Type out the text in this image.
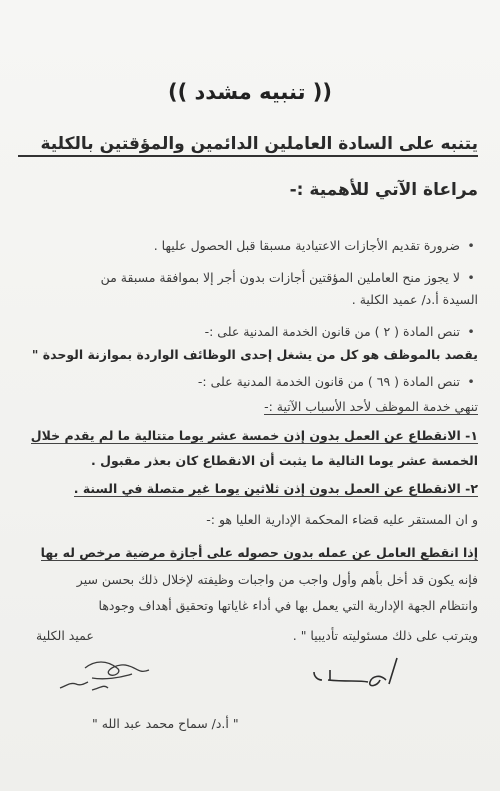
(( تنبيه مشدد ))
يتنبه على السادة العاملين الدائمين والمؤقتين بالكلية
مراعاة الآتي للأهمية :-
•ضرورة تقديم الأجازات الاعتيادية مسبقا قبل الحصول عليها .
•لا يجوز منح العاملين المؤقتين أجازات بدون أجر إلا بموافقة مسبقة من
السيدة أ.د/ عميد الكلية .
•تنص المادة ( ٢ ) من قانون الخدمة المدنية على :-
يقصد بالموظف هو كل من يشغل إحدى الوظائف الواردة بموازنة الوحدة "
•تنص المادة ( ٦٩ ) من قانون الخدمة المدنية على :-
تنهي خدمة الموظف لأحد الأسباب الآتية :-
١- الانقطاع عن العمل بدون إذن خمسة عشر يوما متتالية ما لم يقدم خلال
الخمسة عشر يوما التالية ما يثبت أن الانقطاع كان بعذر مقبول .
٢- الانقطاع عن العمل بدون إذن ثلاثين يوما غير متصلة في السنة .
و ان المستقر عليه قضاء المحكمة الإدارية العليا هو :-
إذا انقطع العامل عن عمله بدون حصوله على أجازة مرضية مرخص له بها
فإنه يكون قد أخل بأهم وأول واجب من واجبات وظيفته لإخلال ذلك بحسن سير
وانتظام الجهة الإدارية التي يعمل بها في أداء غاياتها وتحقيق أهداف وجودها
ويترتب على ذلك مسئوليته تأديبيا " .
عميد الكلية
" أ.د/ سماح محمد عبد الله "
